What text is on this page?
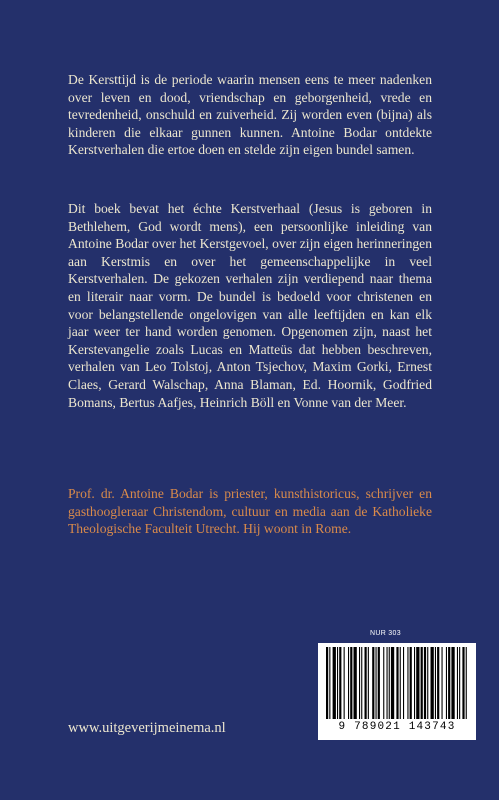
De Kersttijd is de periode waarin mensen eens te meer nadenken over leven en dood, vriendschap en geborgenheid, vrede en tevredenheid, onschuld en zuiverheid. Zij worden even (bijna) als kinderen die elkaar gunnen kunnen. Antoine Bodar ontdekte Kerstverhalen die ertoe doen en stelde zijn eigen bundel samen.

Dit boek bevat het échte Kerstverhaal (Jesus is geboren in Bethlehem, God wordt mens), een persoonlijke inleiding van Antoine Bodar over het Kerstgevoel, over zijn eigen herinneringen aan Kerstmis en over het gemeenschappelijke in veel Kerstverhalen. De gekozen verhalen zijn verdiepend naar thema en literair naar vorm. De bundel is bedoeld voor christenen en voor belangstellende ongelovigen van alle leeftijden en kan elk jaar weer ter hand worden genomen. Opgenomen zijn, naast het Kerstevangelie zoals Lucas en Matteüs dat hebben beschreven, verhalen van Leo Tolstoj, Anton Tsjechov, Maxim Gorki, Ernest Claes, Gerard Walschap, Anna Blaman, Ed. Hoornik, Godfried Bomans, Bertus Aafjes, Heinrich Böll en Vonne van der Meer.

Prof. dr. Antoine Bodar is priester, kunsthistoricus, schrijver en gasthoogleraar Christendom, cultuur en media aan de Katholieke Theologische Faculteit Utrecht. Hij woont in Rome.

NUR 303
9 789021 143743
www.uitgeverijmeinema.nl
